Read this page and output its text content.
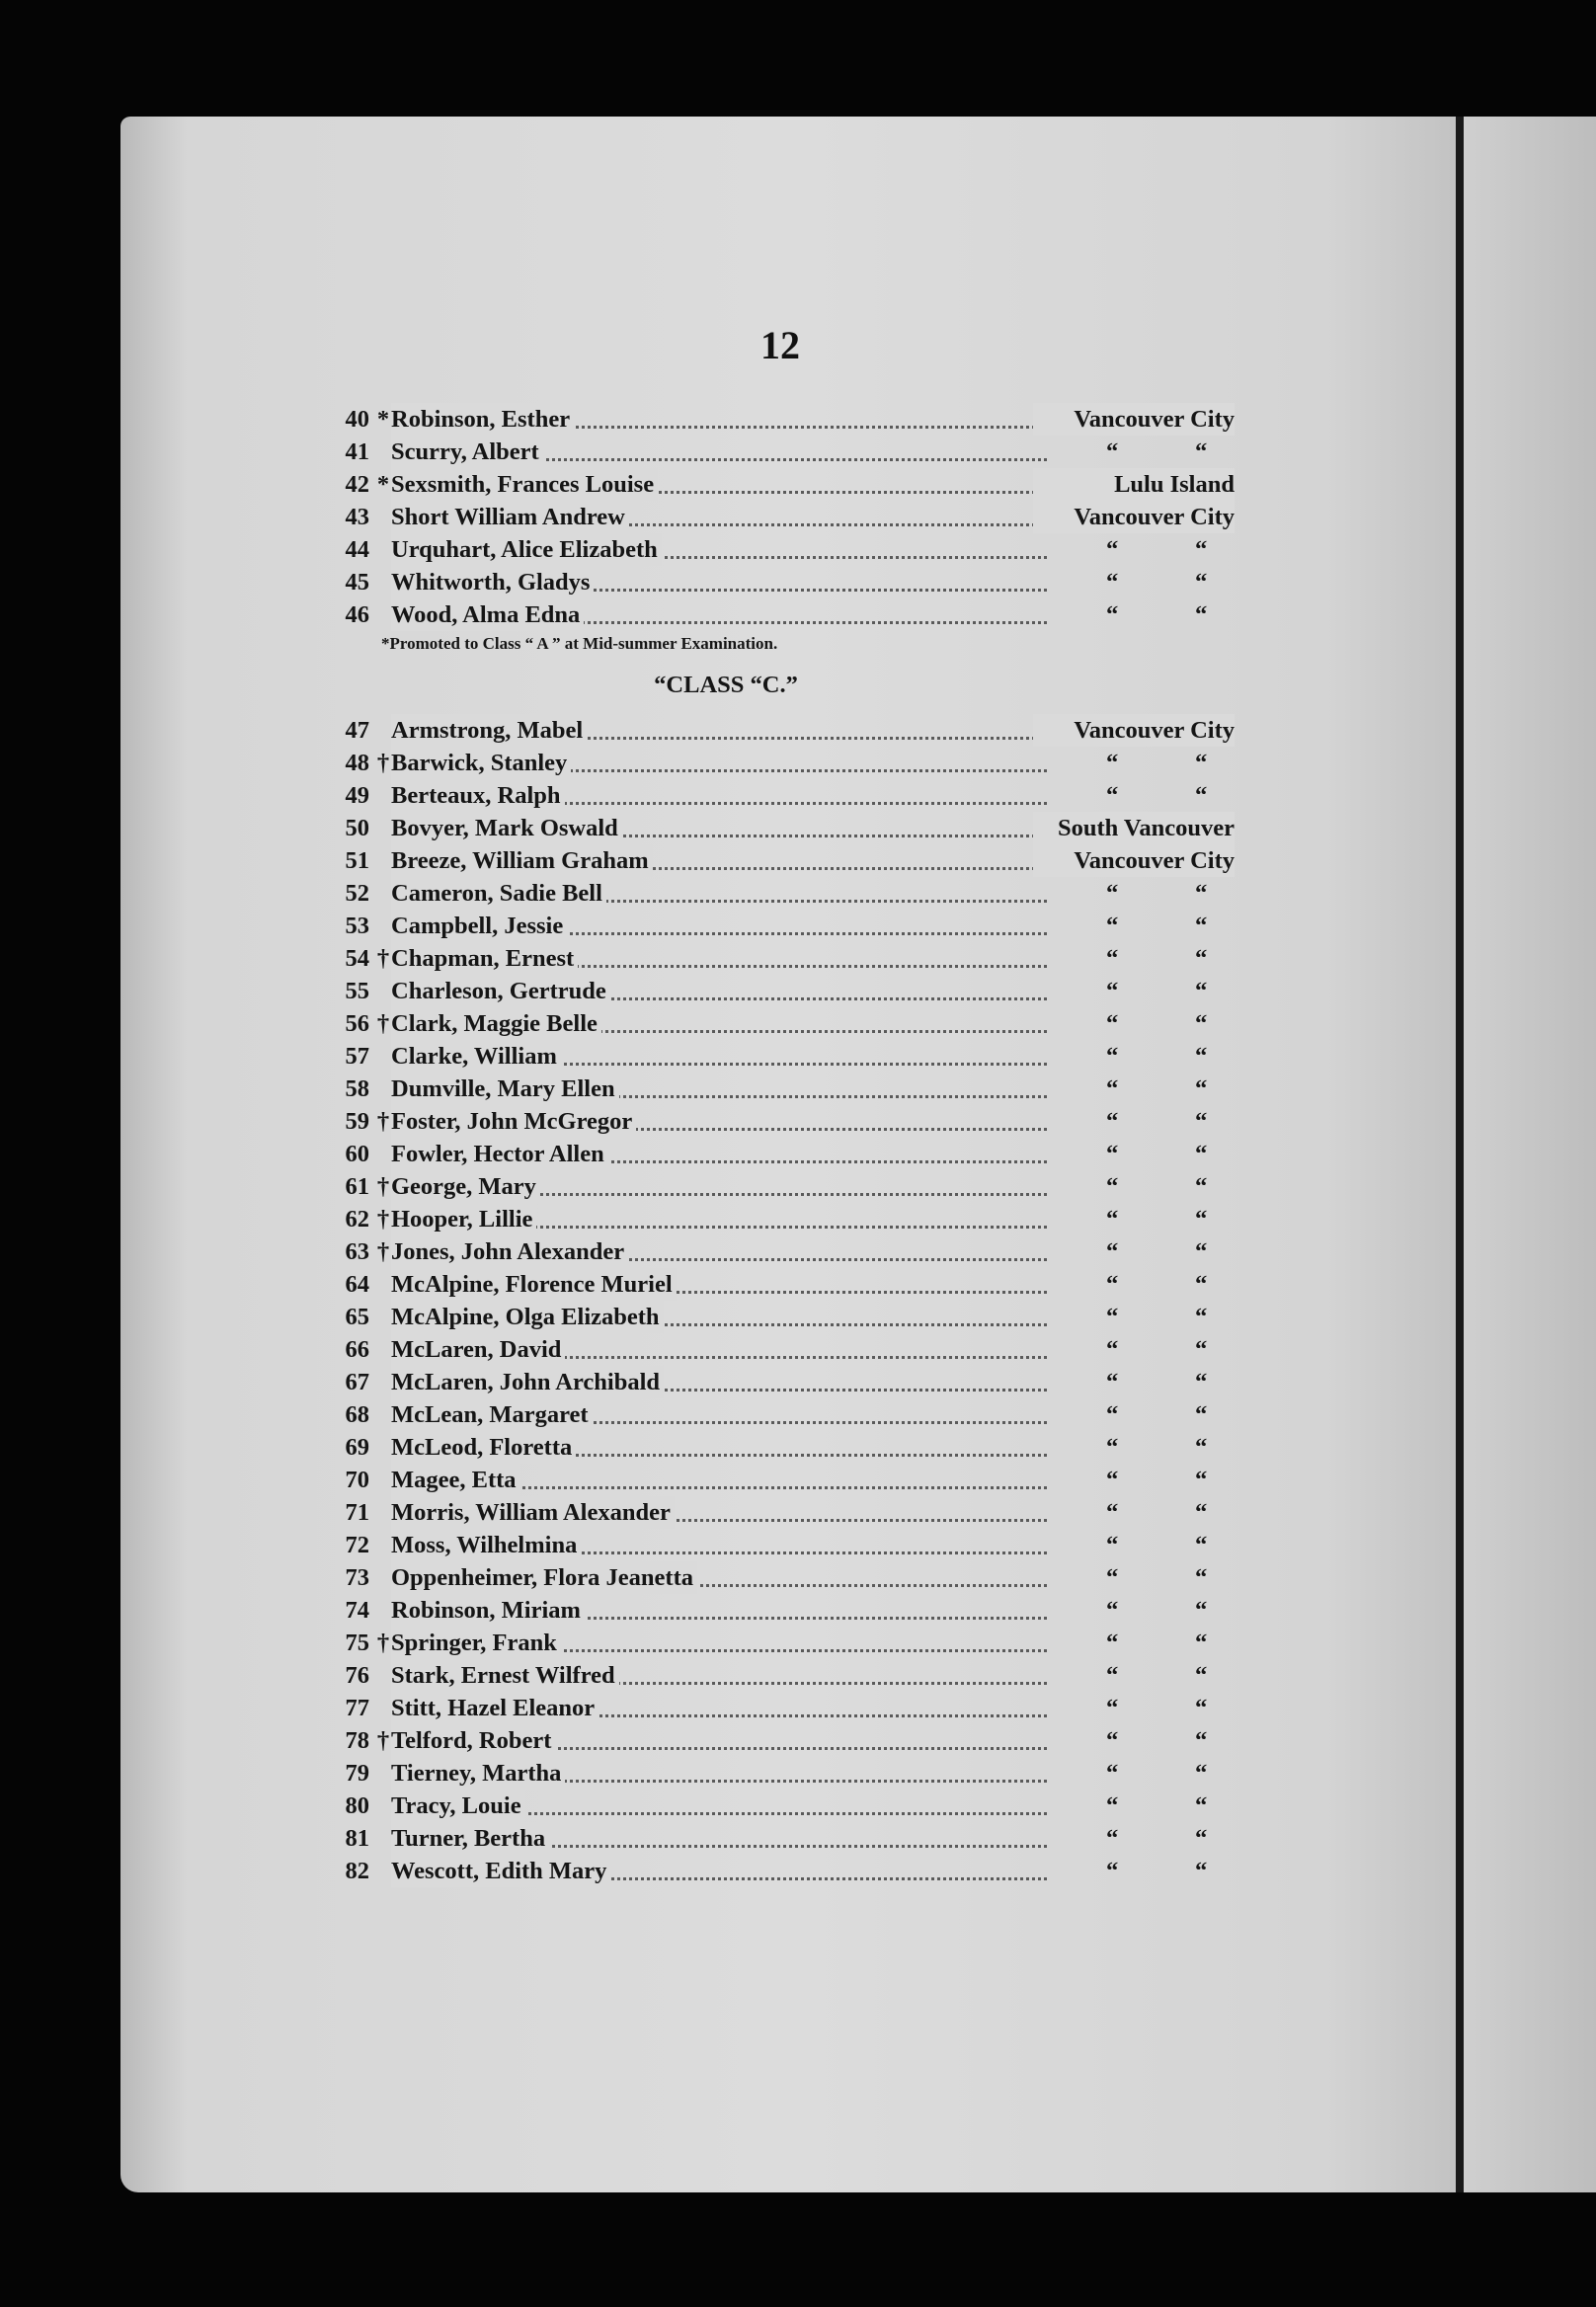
12
40 * Robinson, Esther	Vancouver City
41 Scurry, Albert	“	“
42 * Sexsmith, Frances Louise	Lulu Island
43 Short William Andrew	Vancouver City
44 Urquhart, Alice Elizabeth	“	“
45 Whitworth, Gladys	“	“
46 Wood, Alma Edna	“	“
*Promoted to Class “ A ” at Mid-summer Examination.
“CLASS “C.”
47 Armstrong, Mabel	Vancouver City
48 † Barwick, Stanley	“	“
49 Berteaux, Ralph	“	“
50 Bovyer, Mark Oswald	South Vancouver
51 Breeze, William Graham	Vancouver City
52 Cameron, Sadie Bell	“	“
53 Campbell, Jessie	“	“
54 † Chapman, Ernest	“	“
55 Charleson, Gertrude	“	“
56 † Clark, Maggie Belle	“	“
57 Clarke, William	“	“
58 Dumville, Mary Ellen	“	“
59 † Foster, John McGregor	“	“
60 Fowler, Hector Allen	“	“
61 † George, Mary	“	“
62 † Hooper, Lillie	“	“
63 † Jones, John Alexander	“	“
64 McAlpine, Florence Muriel	“	“
65 McAlpine, Olga Elizabeth	“	“
66 McLaren, David	“	“
67 McLaren, John Archibald	“	“
68 McLean, Margaret	“	“
69 McLeod, Floretta	“	“
70 Magee, Etta	“	“
71 Morris, William Alexander	“	“
72 Moss, Wilhelmina	“	“
73 Oppenheimer, Flora Jeanetta	“	“
74 Robinson, Miriam	“	“
75 † Springer, Frank	“	“
76 Stark, Ernest Wilfred	“	“
77 Stitt, Hazel Eleanor	“	“
78 † Telford, Robert	“	“
79 Tierney, Martha	“	“
80 Tracy, Louie	“	“
81 Turner, Bertha	“	“
82 Wescott, Edith Mary	“	“
